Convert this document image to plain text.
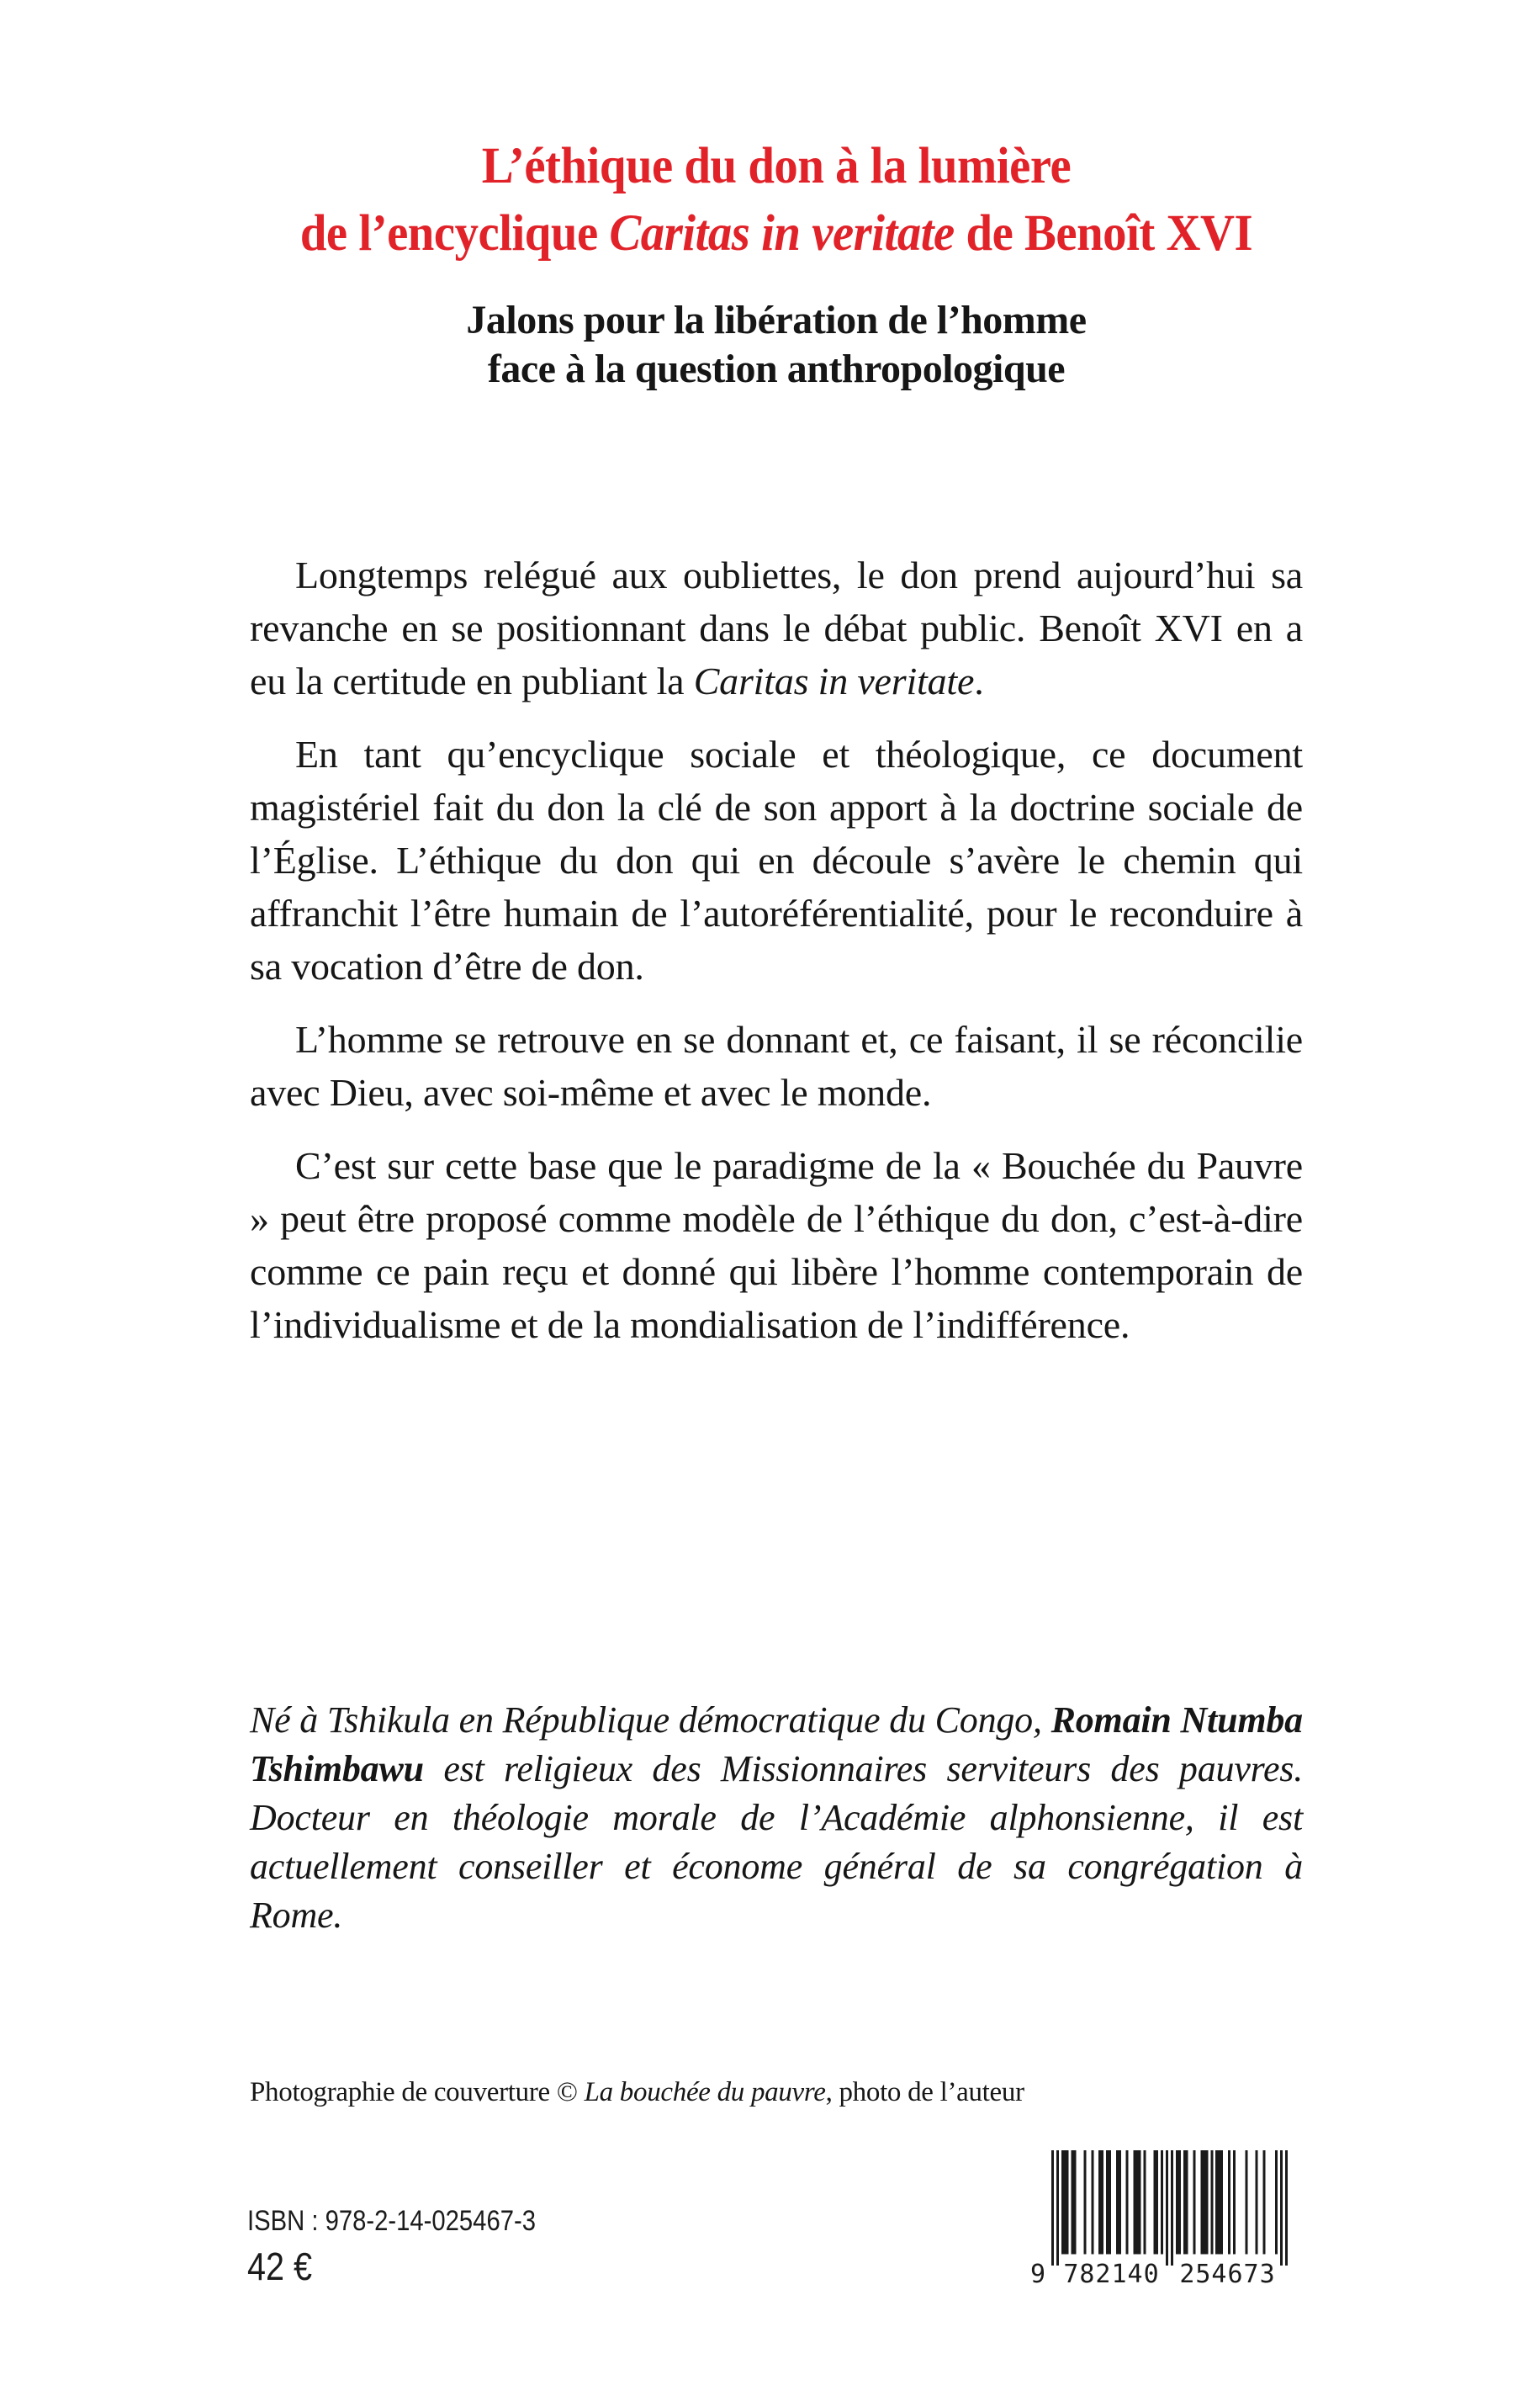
L’éthique du don à la lumière
de l’encyclique Caritas in veritate de Benoît XVI
Jalons pour la libération de l’homme
face à la question anthropologique

Longtemps relégué aux oubliettes, le don prend aujourd’hui sa revanche en se positionnant dans le débat public. Benoît XVI en a eu la certitude en publiant la Caritas in veritate.

En tant qu’encyclique sociale et théologique, ce document magistériel fait du don la clé de son apport à la doctrine sociale de l’Église. L’éthique du don qui en découle s’avère le chemin qui affranchit l’être humain de l’autoréférentialité, pour le reconduire à sa vocation d’être de don.

L’homme se retrouve en se donnant et, ce faisant, il se réconcilie avec Dieu, avec soi-même et avec le monde.

C’est sur cette base que le paradigme de la « Bouchée du Pauvre » peut être proposé comme modèle de l’éthique du don, c’est-à-dire comme ce pain reçu et donné qui libère l’homme contemporain de l’individualisme et de la mondialisation de l’indifférence.

Né à Tshikula en République démocratique du Congo, Romain Ntumba Tshimbawu est religieux des Missionnaires serviteurs des pauvres. Docteur en théologie morale de l’Académie alphonsienne, il est actuellement conseiller et économe général de sa congrégation à Rome.
Photographie de couverture © La bouchée du pauvre, photo de l’auteur
ISBN : 978-2-14-025467-3
42 €	9 782140 254673
